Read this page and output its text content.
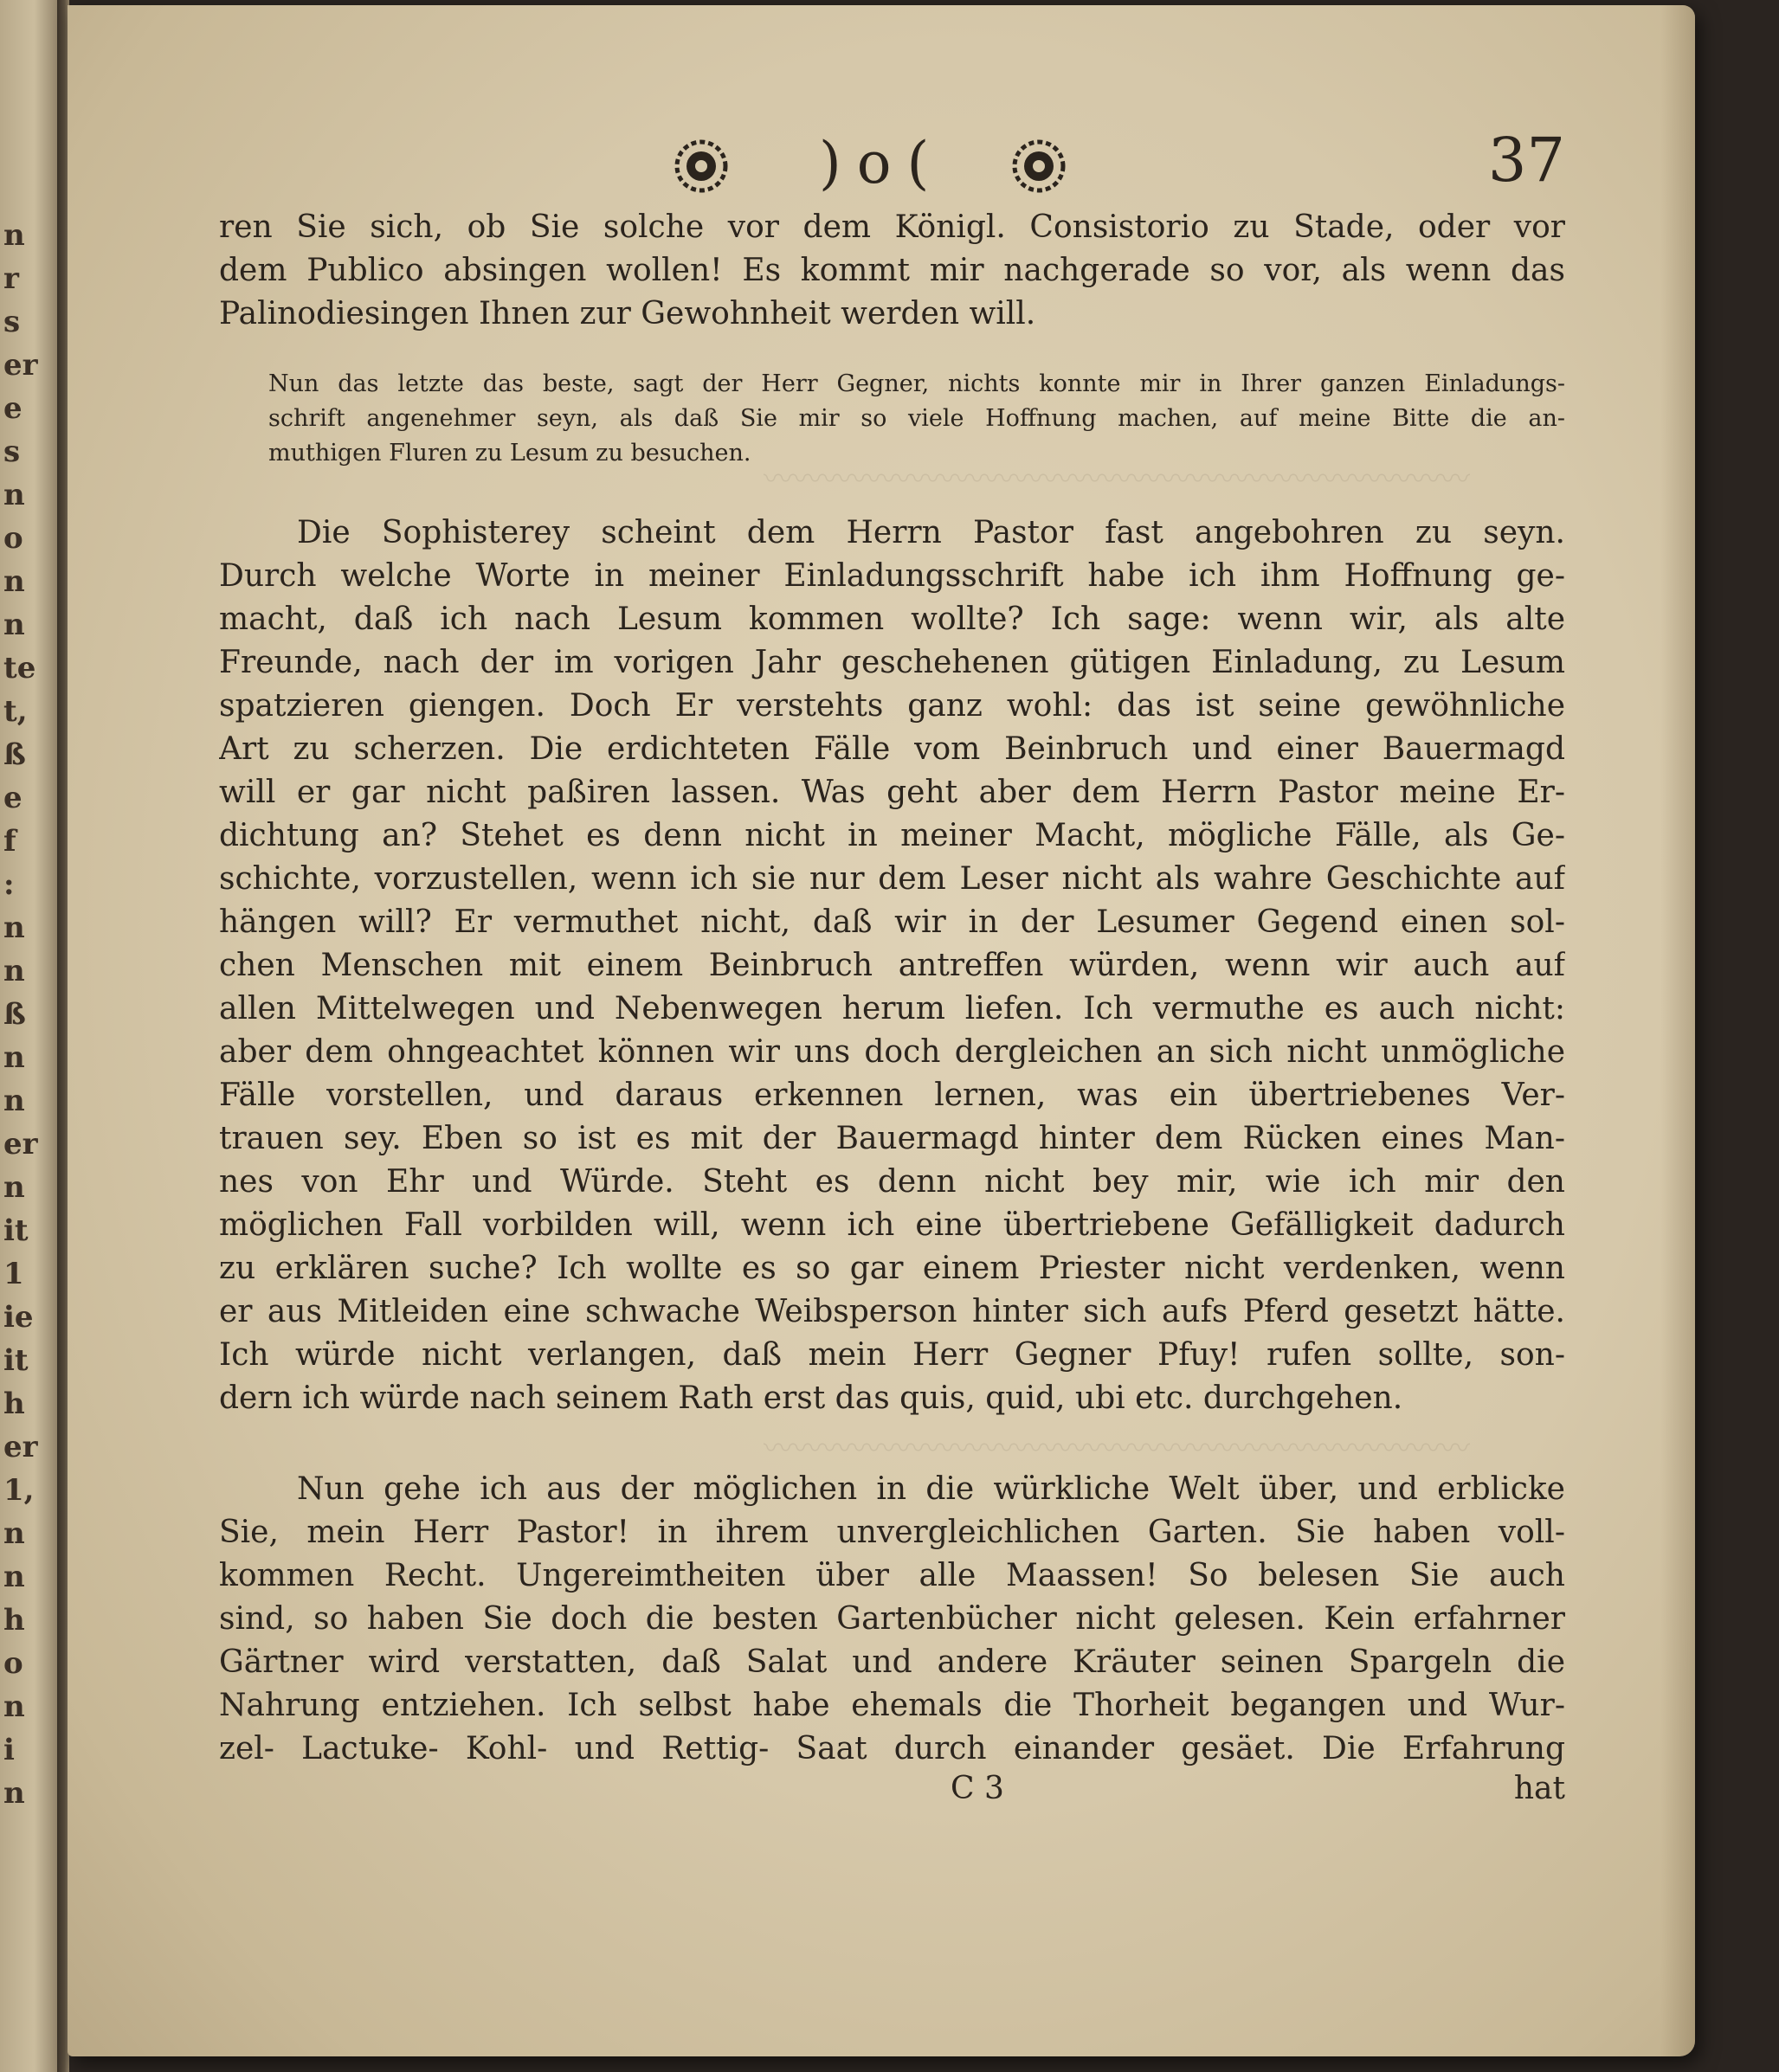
n
r
s
er
e
s
n
o
n
n
te
t,
ß
e
f
:
n
n
ß
n
n
er
n
it
1
ie
it
h
er
1,
n
n
h
o
n
i
n
)o(	37
〰〰〰〰〰〰〰〰〰〰〰〰〰〰〰〰〰〰〰〰〰〰〰〰
〰〰〰〰〰〰〰〰〰〰〰〰〰〰〰〰〰〰〰〰〰〰〰〰
ren Sie sich, ob Sie solche vor dem Königl. Consistorio zu Stade, oder vor
dem Publico absingen wollen! Es kommt mir nachgerade so vor, als wenn das
Palinodiesingen Ihnen zur Gewohnheit werden will.
Nun das letzte das beste, sagt der Herr Gegner, nichts konnte mir in Ihrer ganzen Einladungs-
schrift angenehmer seyn, als daß Sie mir so viele Hoffnung machen, auf meine Bitte die an-
muthigen Fluren zu Lesum zu besuchen.
Die Sophisterey scheint dem Herrn Pastor fast angebohren zu seyn.
Durch welche Worte in meiner Einladungsschrift habe ich ihm Hoffnung ge-
macht, daß ich nach Lesum kommen wollte? Ich sage: wenn wir, als alte
Freunde, nach der im vorigen Jahr geschehenen gütigen Einladung, zu Lesum
spatzieren giengen. Doch Er verstehts ganz wohl: das ist seine gewöhnliche
Art zu scherzen. Die erdichteten Fälle vom Beinbruch und einer Bauermagd
will er gar nicht paßiren lassen. Was geht aber dem Herrn Pastor meine Er-
dichtung an? Stehet es denn nicht in meiner Macht, mögliche Fälle, als Ge-
schichte, vorzustellen, wenn ich sie nur dem Leser nicht als wahre Geschichte auf
hängen will? Er vermuthet nicht, daß wir in der Lesumer Gegend einen sol-
chen Menschen mit einem Beinbruch antreffen würden, wenn wir auch auf
allen Mittelwegen und Nebenwegen herum liefen. Ich vermuthe es auch nicht:
aber dem ohngeachtet können wir uns doch dergleichen an sich nicht unmögliche
Fälle vorstellen, und daraus erkennen lernen, was ein übertriebenes Ver-
trauen sey. Eben so ist es mit der Bauermagd hinter dem Rücken eines Man-
nes von Ehr und Würde. Steht es denn nicht bey mir, wie ich mir den
möglichen Fall vorbilden will, wenn ich eine übertriebene Gefälligkeit dadurch
zu erklären suche? Ich wollte es so gar einem Priester nicht verdenken, wenn
er aus Mitleiden eine schwache Weibsperson hinter sich aufs Pferd gesetzt hätte.
Ich würde nicht verlangen, daß mein Herr Gegner Pfuy! rufen sollte, son-
dern ich würde nach seinem Rath erst das quis, quid, ubi etc. durchgehen.
Nun gehe ich aus der möglichen in die würkliche Welt über, und erblicke
Sie, mein Herr Pastor! in ihrem unvergleichlichen Garten. Sie haben voll-
kommen Recht. Ungereimtheiten über alle Maassen! So belesen Sie auch
sind, so haben Sie doch die besten Gartenbücher nicht gelesen. Kein erfahrner
Gärtner wird verstatten, daß Salat und andere Kräuter seinen Spargeln die
Nahrung entziehen. Ich selbst habe ehemals die Thorheit begangen und Wur-
zel- Lactuke- Kohl- und Rettig- Saat durch einander gesäet. Die Erfahrung
C 3	hat
